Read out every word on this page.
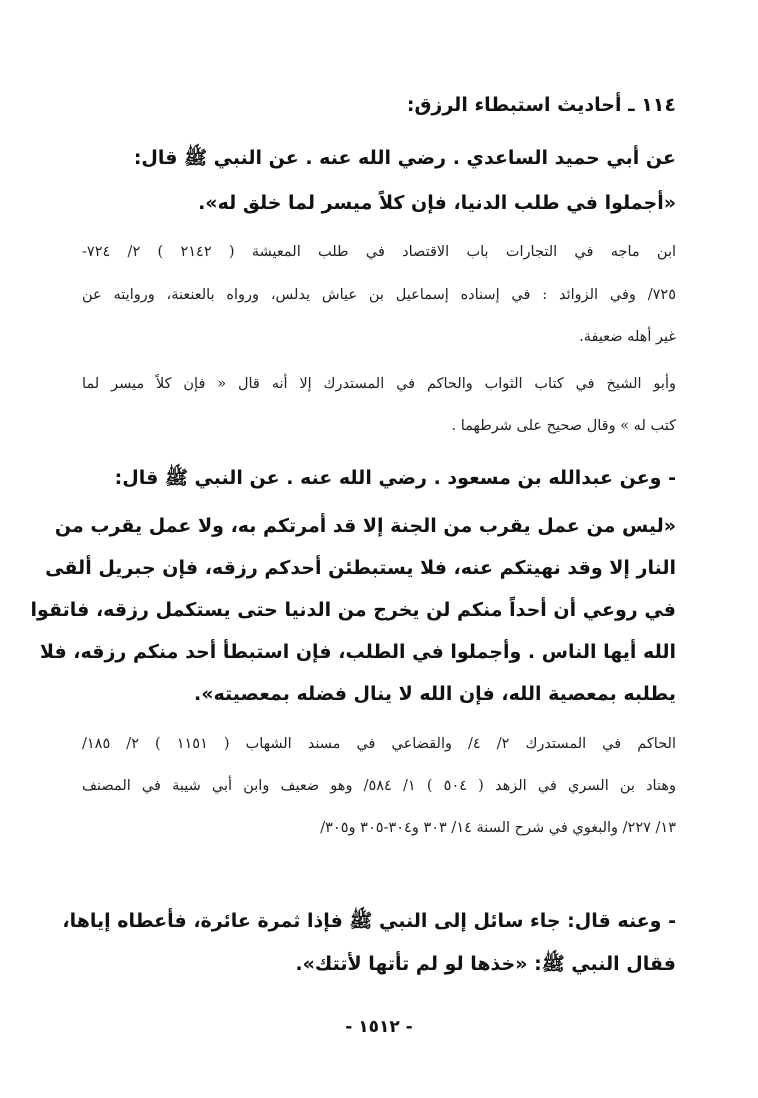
١١٤ ـ أحاديث استبطاء الرزق:
عن أبي حميد الساعدي . رضي الله عنه . عن النبي ﷺ قال:
«أجملوا في طلب الدنيا، فإن كلاً ميسر لما خلق له».
ابن ماجه في التجارات باب الاقتصاد في طلب المعيشة ( ٢١٤٢ ) ٢/ ٧٢٤-
٧٢٥/ وفي الزوائد : في إسناده إسماعيل بن عياش يدلس، ورواه بالعنعنة، وروايته عن
غير أهله ضعيفة.
وأبو الشيخ في كتاب الثواب والحاكم في المستدرك إلا أنه قال « فإن كلاً ميسر لما
كتب له » وقال صحيح على شرطهما .
- وعن عبدالله بن مسعود . رضي الله عنه . عن النبي ﷺ قال:
«ليس من عمل يقرب من الجنة إلا قد أمرتكم به، ولا عمل يقرب من
النار إلا وقد نهيتكم عنه، فلا يستبطئن أحدكم رزقه، فإن جبريل ألقى
في روعي أن أحداً منكم لن يخرج من الدنيا حتى يستكمل رزقه، فاتقوا
الله أيها الناس . وأجملوا في الطلب، فإن استبطأ أحد منكم رزقه، فلا
يطلبه بمعصية الله، فإن الله لا ينال فضله بمعصيته».
الحاكم في المستدرك ٢/ ٤/ والقضاعي في مسند الشهاب ( ١١٥١ ) ٢/ ١٨٥/
وهناد بن السري في الزهد ( ٥٠٤ ) ١/ ٥٨٤/ وهو ضعيف وابن أبي شيبة في المصنف
١٣/ ٢٢٧/ والبغوي في شرح السنة ١٤/ ٣٠٣ و٣٠٤-٣٠٥ و٣٠٥/
- وعنه قال: جاء سائل إلى النبي ﷺ فإذا ثمرة عائرة، فأعطاه إياها،
فقال النبي ﷺ: «خذها لو لم تأتها لأتتك».
- ١٥١٢ -
